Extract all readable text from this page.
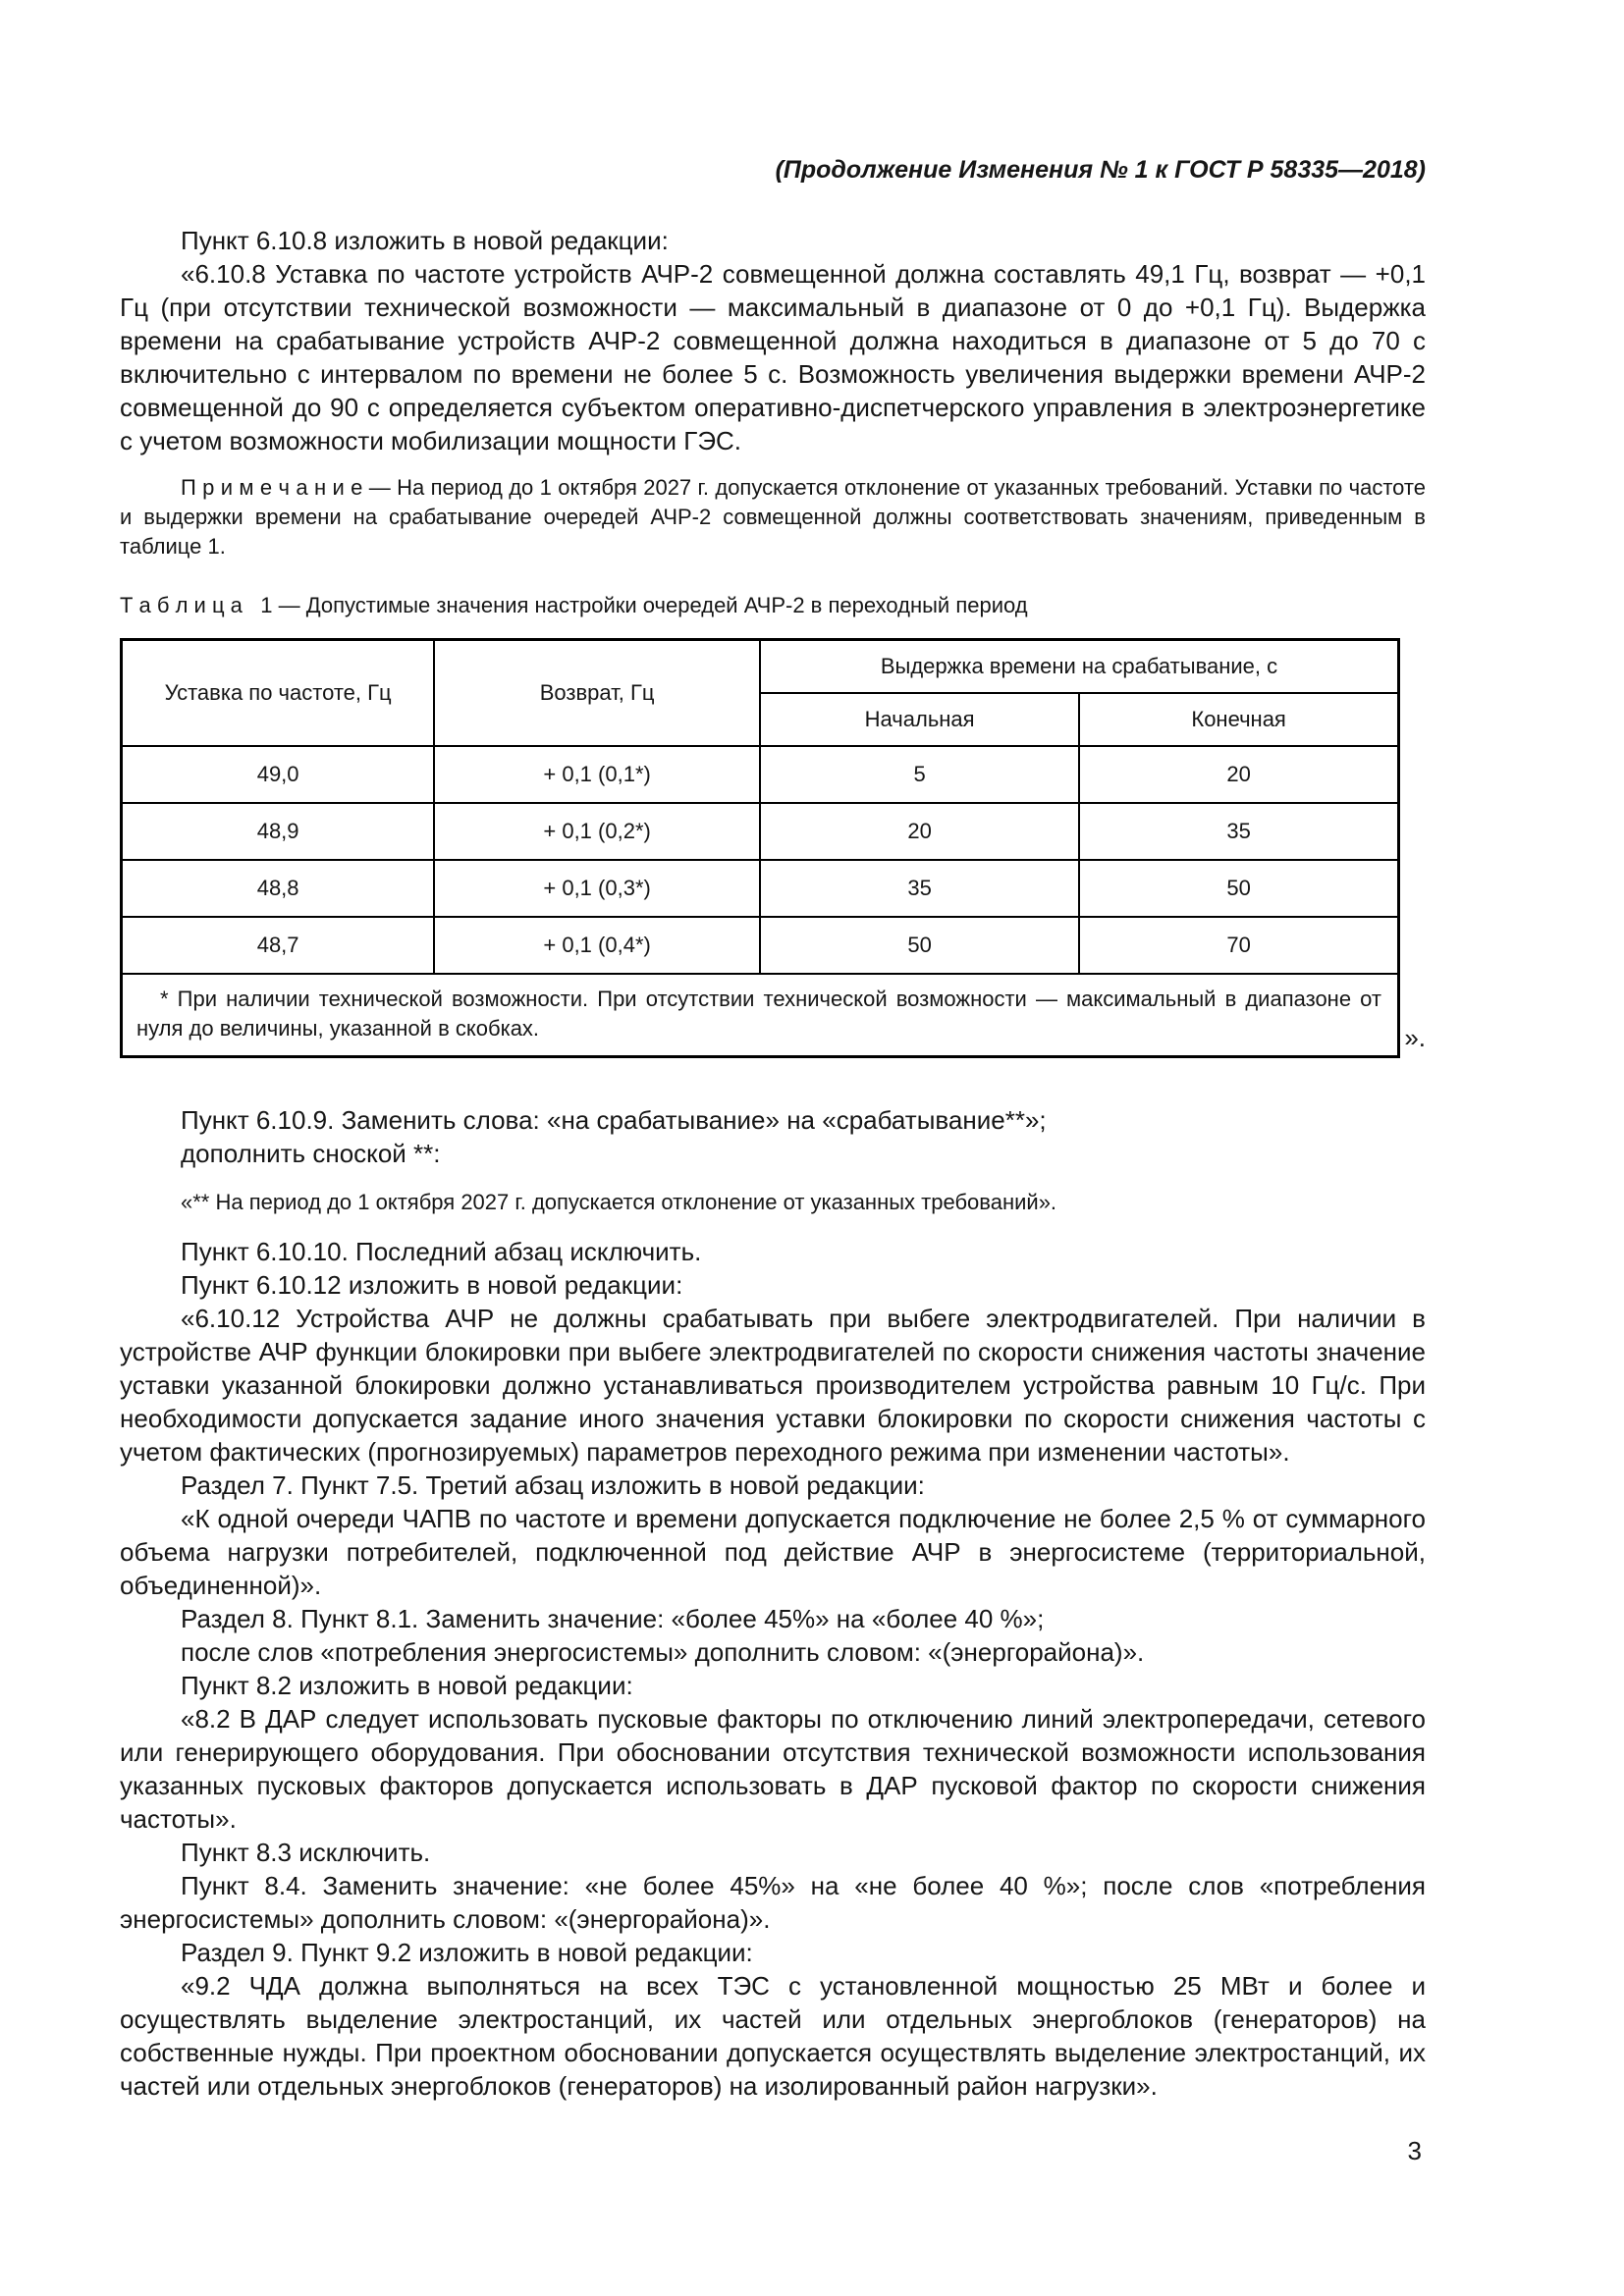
(Продолжение Изменения № 1 к ГОСТ Р 58335—2018)

Пункт 6.10.8 изложить в новой редакции:

«6.10.8 Уставка по частоте устройств АЧР-2 совмещенной должна составлять 49,1 Гц, возврат — +0,1 Гц (при отсутствии технической возможности — максимальный в диапазоне от 0 до +0,1 Гц). Выдержка времени на срабатывание устройств АЧР-2 совмещенной должна находиться в диапазоне от 5 до 70 с включительно с интервалом по времени не более 5 с. Возможность увеличения выдержки времени АЧР-2 совмещенной до 90 с определяется субъектом оперативно-диспетчерского управления в электроэнергетике с учетом возможности мобилизации мощности ГЭС.

П р и м е ч а н и е — На период до 1 октября 2027 г. допускается отклонение от указанных требований. Уставки по частоте и выдержки времени на срабатывание очередей АЧР-2 совмещенной должны соответствовать значениям, приведенным в таблице 1.

Т а б л и ц а   1 — Допустимые значения настройки очередей АЧР-2 в переходный период

Уставка по частоте, Гц	Возврат, Гц	Выдержка времени на срабатывание, с	
		Начальная	Конечная
49,0	+ 0,1 (0,1*)	5	20
48,9	+ 0,1 (0,2*)	20	35
48,8	+ 0,1 (0,3*)	35	50
48,7	+ 0,1 (0,4*)	50	70
* При наличии технической возможности. При отсутствии технической возможности — максимальный в диапазоне от нуля до величины, указанной в скобках.				».

Пункт 6.10.9. Заменить слова: «на срабатывание» на «срабатывание**»;

дополнить сноской **:

«** На период до 1 октября 2027 г. допускается отклонение от указанных требований».

Пункт 6.10.10. Последний абзац исключить.

Пункт 6.10.12 изложить в новой редакции:

«6.10.12 Устройства АЧР не должны срабатывать при выбеге электродвигателей. При наличии в устройстве АЧР функции блокировки при выбеге электродвигателей по скорости снижения частоты значение уставки указанной блокировки должно устанавливаться производителем устройства равным 10 Гц/с. При необходимости допускается задание иного значения уставки блокировки по скорости снижения частоты с учетом фактических (прогнозируемых) параметров переходного режима при изменении частоты».

Раздел 7. Пункт 7.5. Третий абзац изложить в новой редакции:

«К одной очереди ЧАПВ по частоте и времени допускается подключение не более 2,5 % от суммарного объема нагрузки потребителей, подключенной под действие АЧР в энергосистеме (территориальной, объединенной)».

Раздел 8. Пункт 8.1. Заменить значение: «более 45%» на «более 40 %»;

после слов «потребления энергосистемы» дополнить словом: «(энергорайона)».

Пункт 8.2 изложить в новой редакции:

«8.2 В ДАР следует использовать пусковые факторы по отключению линий электропередачи, сетевого или генерирующего оборудования. При обосновании отсутствия технической возможности использования указанных пусковых факторов допускается использовать в ДАР пусковой фактор по скорости снижения частоты».

Пункт 8.3 исключить.

Пункт 8.4. Заменить значение: «не более 45%» на «не более 40 %»; после слов «потребления энергосистемы» дополнить словом: «(энергорайона)».

Раздел 9. Пункт 9.2 изложить в новой редакции:

«9.2 ЧДА должна выполняться на всех ТЭС с установленной мощностью 25 МВт и более и осуществлять выделение электростанций, их частей или отдельных энергоблоков (генераторов) на собственные нужды. При проектном обосновании допускается осуществлять выделение электростанций, их частей или отдельных энергоблоков (генераторов) на изолированный район нагрузки».

3
